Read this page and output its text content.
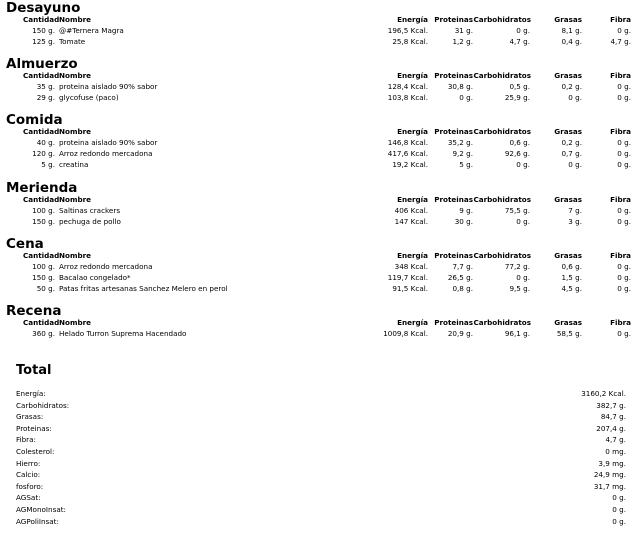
Desayuno
Cantidad Nombre	Energía Proteinas Carbohidratos	Grasas	Fibra
150 g. @#Ternera Magra	196,5 Kcal.	31 g.	0 g.	8,1 g.	0 g.
125 g. Tomate	25,8 Kcal.	1,2 g.	4,7 g.	0,4 g.	4,7 g.
Almuerzo
Cantidad Nombre	Energía Proteinas Carbohidratos	Grasas	Fibra
35 g. proteina aislado 90% sabor	128,4 Kcal.	30,8 g.	0,5 g.	0,2 g.	0 g.
29 g. glycofuse (paco)	103,8 Kcal.	0 g.	25,9 g.	0 g.	0 g.
Comida
Cantidad Nombre	Energía Proteinas Carbohidratos	Grasas	Fibra
40 g. proteina aislado 90% sabor	146,8 Kcal.	35,2 g.	0,6 g.	0,2 g.	0 g.
120 g. Arroz redondo mercadona	417,6 Kcal.	9,2 g.	92,6 g.	0,7 g.	0 g.
5 g. creatina	19,2 Kcal.	5 g.	0 g.	0 g.	0 g.
Merienda
Cantidad Nombre	Energía Proteinas Carbohidratos	Grasas	Fibra
100 g. Saltinas crackers	406 Kcal.	9 g.	75,5 g.	7 g.	0 g.
150 g. pechuga de pollo	147 Kcal.	30 g.	0 g.	3 g.	0 g.
Cena
Cantidad Nombre	Energía Proteinas Carbohidratos	Grasas	Fibra
100 g. Arroz redondo mercadona	348 Kcal.	7,7 g.	77,2 g.	0,6 g.	0 g.
150 g. Bacalao congelado*	119,7 Kcal.	26,5 g.	0 g.	1,5 g.	0 g.
50 g. Patas fritas artesanas Sanchez Melero en perol	91,5 Kcal.	0,8 g.	9,5 g.	4,5 g.	0 g.
Recena
Cantidad Nombre	Energía Proteinas Carbohidratos	Grasas	Fibra
360 g. Helado Turron Suprema Hacendado	1009,8 Kcal.	20,9 g.	96,1 g.	58,5 g.	0 g.
Total
Energía:	3160,2 Kcal.
Carbohidratos:	382,7 g.
Grasas:	84,7 g.
Proteinas:	207,4 g.
Fibra:	4,7 g.
Colesterol:	0 mg.
Hierro:	3,9 mg.
Calcio:	24,9 mg.
fosforo:	31,7 mg.
AGSat:	0 g.
AGMonoInsat:	0 g.
AGPoliInsat:	0 g.
